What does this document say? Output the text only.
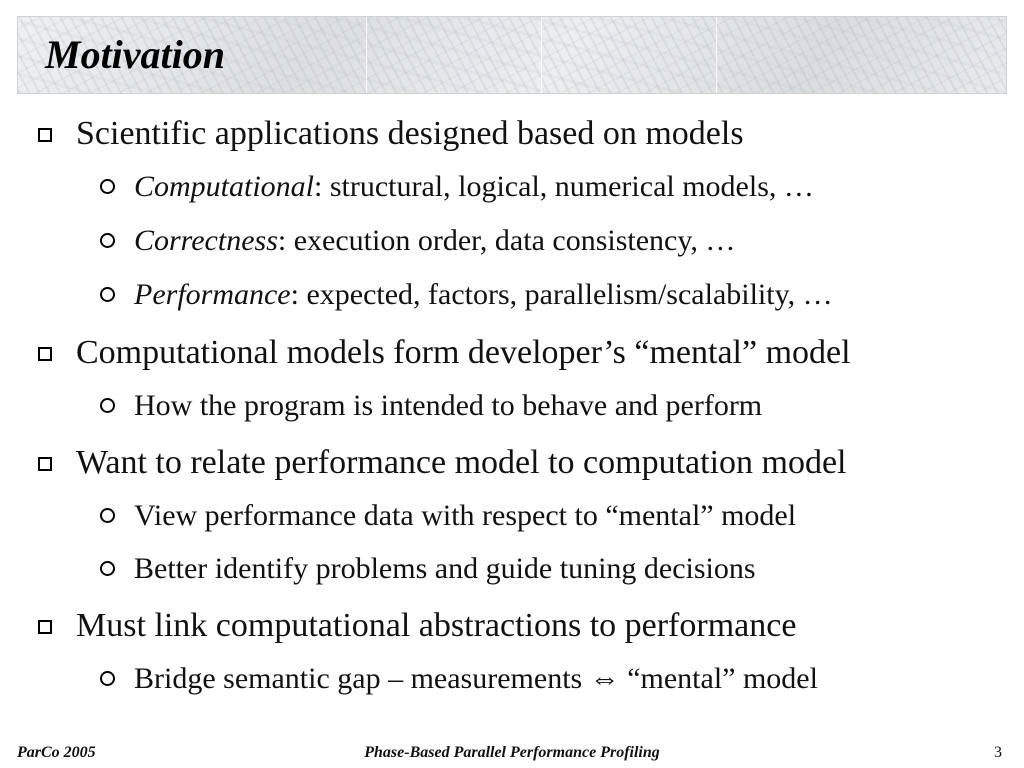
Motivation
Scientific applications designed based on models
Computational: structural, logical, numerical models, …
Correctness: execution order, data consistency, …
Performance: expected, factors, parallelism/scalability, …
Computational models form developer’s “mental” model
How the program is intended to behave and perform
Want to relate performance model to computation model
View performance data with respect to “mental” model
Better identify problems and guide tuning decisions
Must link computational abstractions to performance
Bridge semantic gap – measurements ⇔ “mental” model
ParCo 2005	Phase-Based Parallel Performance Profiling	3
